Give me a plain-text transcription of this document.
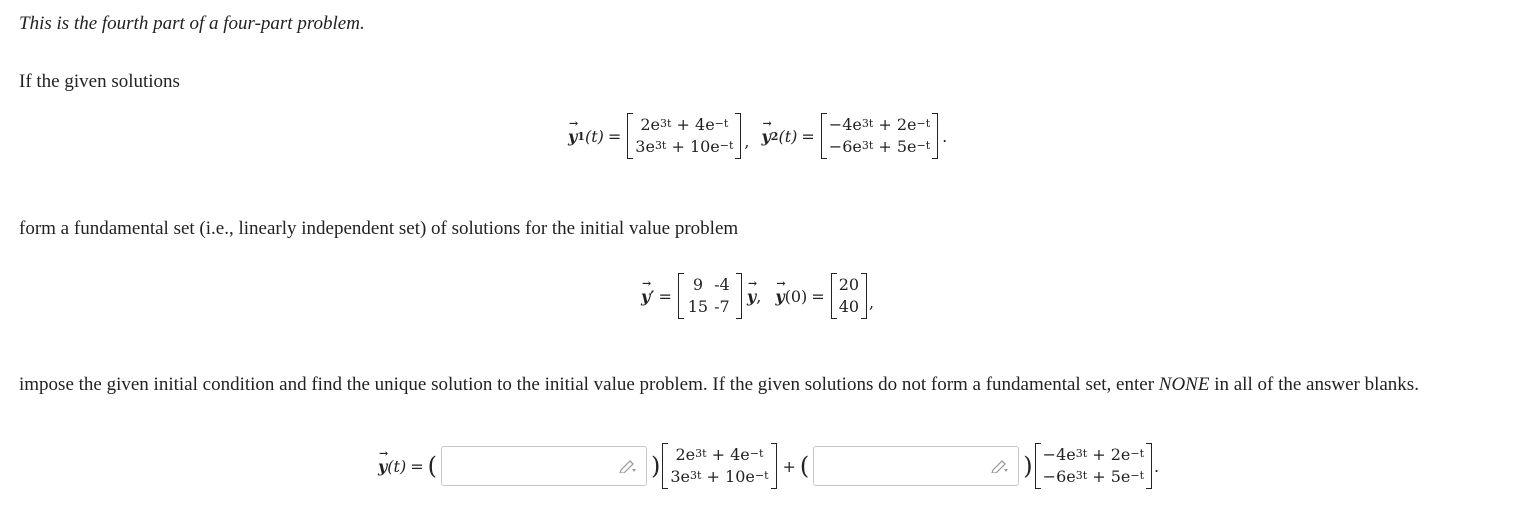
This is the fourth part of a four-part problem.
If the given solutions
→ y 1 (t) =
$2e^{3t} + 4e^{-t}$
$3e^{3t} + 10e^{-t}$ , → y 2 (t) =
$-4e^{3t} + 2e^{-t}$
$-6e^{3t} + 5e^{-t}$ .
form a fundamental set (i.e., linearly independent set) of solutions for the initial value problem
→ y ′ =
9 -4
15 -7
→ y , → y (0) =
20
40 ,
impose the given initial condition and find the unique solution to the initial value problem. If the given solutions do not form a fundamental set, enter NONE in all of the answer blanks.
→ y (t) = (	) $2e^{3t} + 4e^{-t}$
$3e^{3t} + 10e^{-t}$ + (	) $-4e^{3t} + 2e^{-t}$
$-6e^{3t} + 5e^{-t}$ .
